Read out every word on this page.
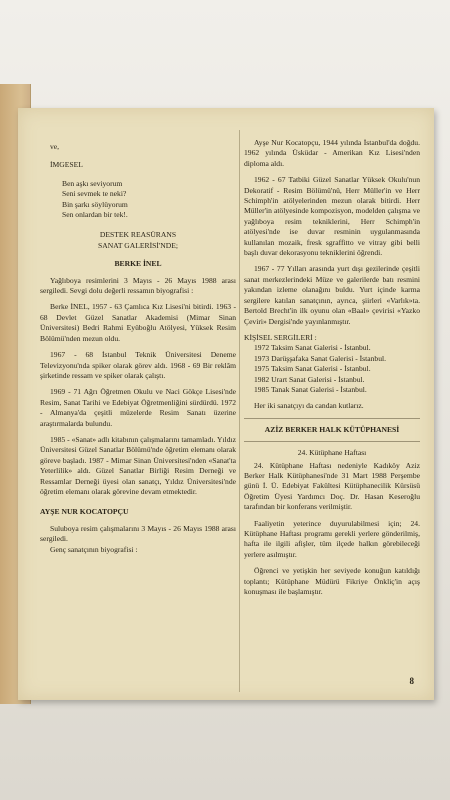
ve,

İMGESEL

Ben aşkı seviyorum
Seni sevmek te neki?
Bin şarkı söylüyorum
Sen onlardan bir tek!.

DESTEK REASÜRANS

SANAT GALERİSİ'NDE;

BERKE İNEL

Yağlıboya resimlerini 3 Mayıs - 26 Mayıs 1988 arası sergiledi. Sevgi dolu değerli ressamın biyografisi :

Berke İNEL, 1957 - 63 Çamlıca Kız Lisesi'ni bitirdi. 1963 - 68 Devlet Güzel Sanatlar Akademisi (Mimar Sinan Üniversitesi) Bedri Rahmi Eyüboğlu Atölyesi, Yüksek Resim Bölümü'nden mezun oldu.

1967 - 68 İstanbul Teknik Üniversitesi Deneme Televizyonu'nda spiker olarak görev aldı. 1968 - 69 Bir reklâm şirketinde ressam ve spiker olarak çalıştı.

1969 - 71 Ağrı Öğretmen Okulu ve Naci Gökçe Lisesi'nde Resim, Sanat Tarihi ve Edebiyat Öğretmenliğini sürdürdü. 1972 - Almanya'da çeşitli müzelerde Resim Sanatı üzerine araştırmalarda bulundu.

1985 - «Sanat» adlı kitabının çalışmalarını tamamladı. Yıldız Üniversitesi Güzel Sanatlar Bölümü'nde öğretim elemanı olarak göreve başladı. 1987 - Mimar Sinan Üniversitesi'nden «Sanat'ta Yeterlilik» aldı. Güzel Sanatlar Birliği Resim Derneği ve Ressamlar Derneği üyesi olan sanatçı, Yıldız Üniversitesi'nde öğretim elemanı olarak görevine devam etmektedir.

AYŞE NUR KOCATOPÇU

Suluboya resim çalışmalarını 3 Mayıs - 26 Mayıs 1988 arası sergiledi.

Genç sanatçının biyografisi :

Ayşe Nur Kocatopçu, 1944 yılında İstanbul'da doğdu. 1962 yılında Üsküdar - Amerikan Kız Lisesi'nden diploma aldı.

1962 - 67 Tatbiki Güzel Sanatlar Yüksek Okulu'nun Dekoratif - Resim Bölümü'nü, Herr Müller'in ve Herr Schimph'in atölyelerinden mezun olarak bitirdi. Herr Müller'in atölyesinde kompozisyon, modelden çalışma ve yağlıboya resim tekniklerini, Herr Schimph'in atölyesi'nde ise duvar resminin uygulanmasında kullanılan mozaik, fresk sgraffitto ve vitray gibi belli başlı duvar dekorasyonu tekniklerini öğrendi.

1967 - 77 Yılları arasında yurt dışı gezilerinde çeşitli sanat merkezlerindeki Müze ve galerilerde batı resmini yakından izleme olanağını buldu. Yurt içinde karma sergilere katılan sanatçının, ayrıca, şiirleri «Varlık»ta. Bertold Brecht'in ilk oyunu olan «Baal» çevirisi «Yazko Çeviri» Dergisi'nde yayınlanmıştır.

KİŞİSEL SERGİLERİ :

1972 Taksim Sanat Galerisi - İstanbul.
1973 Darüşşafaka Sanat Galerisi - İstanbul.
1975 Taksim Sanat Galerisi - İstanbul.
1982 Urart Sanat Galerisi - İstanbul.
1985 Tanak Sanat Galerisi - İstanbul.

Her iki sanatçıyı da candan kutlarız.

AZİZ BERKER HALK KÜTÜPHANESİ

24. Kütüphane Haftası

24. Kütüphane Haftası nedeniyle Kadıköy Aziz Berker Halk Kütüphanesi'nde 31 Mart 1988 Perşembe günü İ. Ü. Edebiyat Fakültesi Kütüphanecilik Kürsüsü Öğretim Üyesi Yardımcı Doç. Dr. Hasan Keseroğlu tarafından bir konferans verilmiştir.

Faaliyetin yeterince duyurulabilmesi için; 24. Kütüphane Haftası programı gerekli yerlere gönderilmiş, hafta ile ilgili afişler, tüm ilçede halkın görebileceği yerlere asılmıştır.

Öğrenci ve yetişkin her seviyede konuğun katıldığı toplantı; Kütüphane Müdürü Fikriye Önkliç'in açış konuşması ile başlamıştır.

8
